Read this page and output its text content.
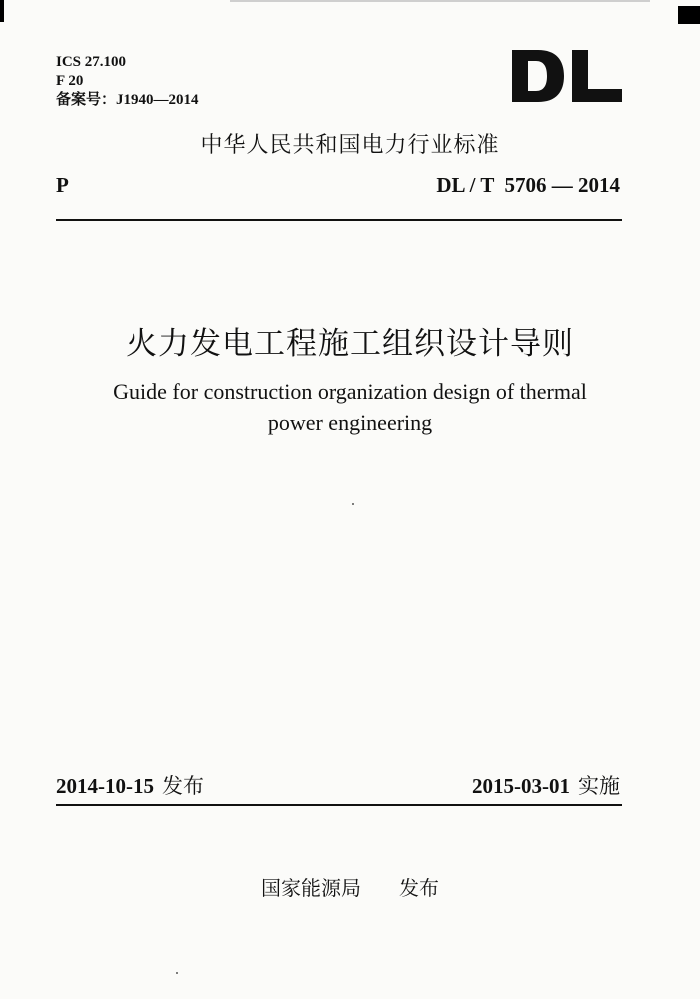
ICS 27.100
F 20
备案号：J1940—2014
中华人民共和国电力行业标准
P	DL / T  5706 — 2014
火力发电工程施工组织设计导则
Guide for construction organization design of thermal
power engineering
2014-10-15 发布	2015-03-01 实施
国家能源局 发布
